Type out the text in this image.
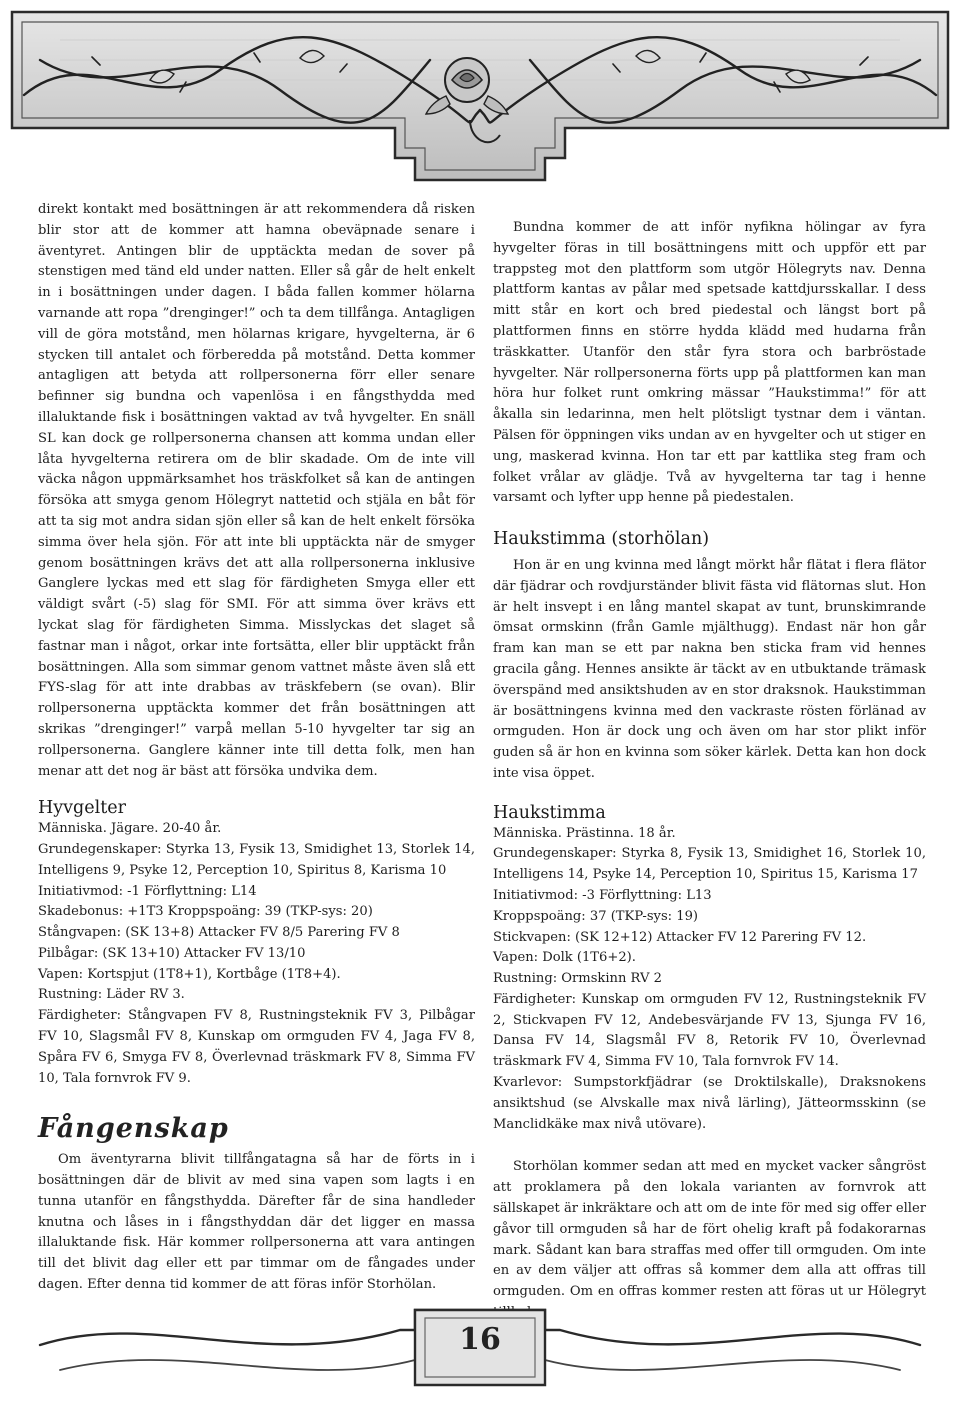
direkt kontakt med bosättningen är att rekommendera då risken blir stor att de kommer att hamna obeväpnade senare i äventyret. Antingen blir de upptäckta medan de sover på stenstigen med tänd eld under natten. Eller så går de helt enkelt in i bosättningen under dagen. I båda fallen kommer hölarna varnande att ropa ”drenginger!” och ta dem tillfånga. Antagligen vill de göra motstånd, men hölarnas krigare, hyvgelterna, är 6 stycken till antalet och förberedda på motstånd. Detta kommer antagligen att betyda att rollpersonerna förr eller senare befinner sig bundna och vapenlösa i en fångsthydda med illaluktande fisk i bosättningen vaktad av två hyvgelter. En snäll SL kan dock ge rollpersonerna chansen att komma undan eller låta hyvgelterna retirera om de blir skadade. Om de inte vill väcka någon uppmärksamhet hos träskfolket så kan de antingen försöka att smyga genom Hölegryt nattetid och stjäla en båt för att ta sig mot andra sidan sjön eller så kan de helt enkelt försöka simma över hela sjön. För att inte bli upptäckta när de smyger genom bosättningen krävs det att alla rollpersonerna inklusive Ganglere lyckas med ett slag för färdigheten Smyga eller ett väldigt svårt (-5) slag för SMI. För att simma över krävs ett lyckat slag för färdigheten Simma. Misslyckas det slaget så fastnar man i något, orkar inte fortsätta, eller blir upptäckt från bosättningen. Alla som simmar genom vattnet måste även slå ett FYS-slag för att inte drabbas av träskfebern (se ovan). Blir rollpersonerna upptäckta kommer det från bosättningen att skrikas ”drenginger!” varpå mellan 5-10 hyvgelter tar sig an rollpersonerna. Ganglere känner inte till detta folk, men han menar att det nog är bäst att försöka undvika dem.

Hyvgelter

Människa. Jägare. 20-40 år.

Grundegenskaper: Styrka 13, Fysik 13, Smidighet 13, Storlek 14, Intelligens 9, Psyke 12, Perception 10, Spiritus 8, Karisma 10

Initiativmod: -1 Förflyttning: L14

Skadebonus: +1T3 Kroppspoäng: 39 (TKP-sys: 20)

Stångvapen: (SK 13+8) Attacker FV 8/5 Parering FV 8

Pilbågar: (SK 13+10) Attacker FV 13/10

Vapen: Kortspjut (1T8+1), Kortbåge (1T8+4).

Rustning: Läder RV 3.

Färdigheter: Stångvapen FV 8, Rustningsteknik FV 3, Pilbågar FV 10, Slagsmål FV 8, Kunskap om ormguden FV 4, Jaga FV 8, Spåra FV 6, Smyga FV 8, Överlevnad träskmark FV 8, Simma FV 10, Tala fornvrok FV 9.

Fångenskap

Om äventyrarna blivit tillfångatagna så har de förts in i bosättningen där de blivit av med sina vapen som lagts i en tunna utanför en fångsthydda. Därefter får de sina handleder knutna och låses in i fångsthyddan där det ligger en massa illaluktande fisk. Här kommer rollpersonerna att vara antingen till det blivit dag eller ett par timmar om de fångades under dagen. Efter denna tid kommer de att föras inför Storhölan.

Bundna kommer de att inför nyfikna hölingar av fyra hyvgelter föras in till bosättningens mitt och uppför ett par trappsteg mot den plattform som utgör Hölegryts nav. Denna plattform kantas av pålar med spetsade kattdjursskallar. I dess mitt står en kort och bred piedestal och längst bort på plattformen finns en större hydda klädd med hudarna från träskkatter. Utanför den står fyra stora och barbröstade hyvgelter. När rollpersonerna förts upp på plattformen kan man höra hur folket runt omkring mässar ”Haukstimma!” för att åkalla sin ledarinna, men helt plötsligt tystnar dem i väntan. Pälsen för öppningen viks undan av en hyvgelter och ut stiger en ung, maskerad kvinna. Hon tar ett par kattlika steg fram och folket vrålar av glädje. Två av hyvgelterna tar tag i henne varsamt och lyfter upp henne på piedestalen.

Haukstimma (storhölan)

Hon är en ung kvinna med långt mörkt hår flätat i flera flätor där fjädrar och rovdjurständer blivit fästa vid flätornas slut. Hon är helt insvept i en lång mantel skapat av tunt, brunskimrande ömsat ormskinn (från Gamle mjälthugg). Endast när hon går fram kan man se ett par nakna ben sticka fram vid hennes gracila gång. Hennes ansikte är täckt av en utbuktande trämask överspänd med ansiktshuden av en stor draksnok. Haukstimman är bosättningens kvinna med den vackraste rösten förlänad av ormguden. Hon är dock ung och även om har stor plikt inför guden så är hon en kvinna som söker kärlek. Detta kan hon dock inte visa öppet.

Haukstimma

Människa. Prästinna. 18 år.

Grundegenskaper: Styrka 8, Fysik 13, Smidighet 16, Storlek 10, Intelligens 14, Psyke 14, Perception 10, Spiritus 15, Karisma 17

Initiativmod: -3 Förflyttning: L13

Kroppspoäng: 37 (TKP-sys: 19)

Stickvapen: (SK 12+12) Attacker FV 12 Parering FV 12.

Vapen: Dolk (1T6+2).

Rustning: Ormskinn RV 2

Färdigheter: Kunskap om ormguden FV 12, Rustningsteknik FV 2, Stickvapen FV 12, Andebesvärjande FV 13, Sjunga FV 16, Dansa FV 14, Slagsmål FV 8, Retorik FV 10, Överlevnad träskmark FV 4, Simma FV 10, Tala fornvrok FV 14.

Kvarlevor: Sumpstorkfjädrar (se Droktilskalle), Draksnokens ansiktshud (se Alvskalle max nivå lärling), Jätteormsskinn (se Manclidkäke max nivå utövare).

Storhölan kommer sedan att med en mycket vacker sångröst att proklamera på den lokala varianten av fornvrok att sällskapet är inkräktare och att om de inte för med sig offer eller gåvor till ormguden så har de fört ohelig kraft på fodakorarnas mark. Sådant kan bara straffas med offer till ormguden. Om inte en av dem väljer att offras så kommer dem alla att offras till ormguden. Om en offras kommer resten att föras ut ur Hölegryt

16
